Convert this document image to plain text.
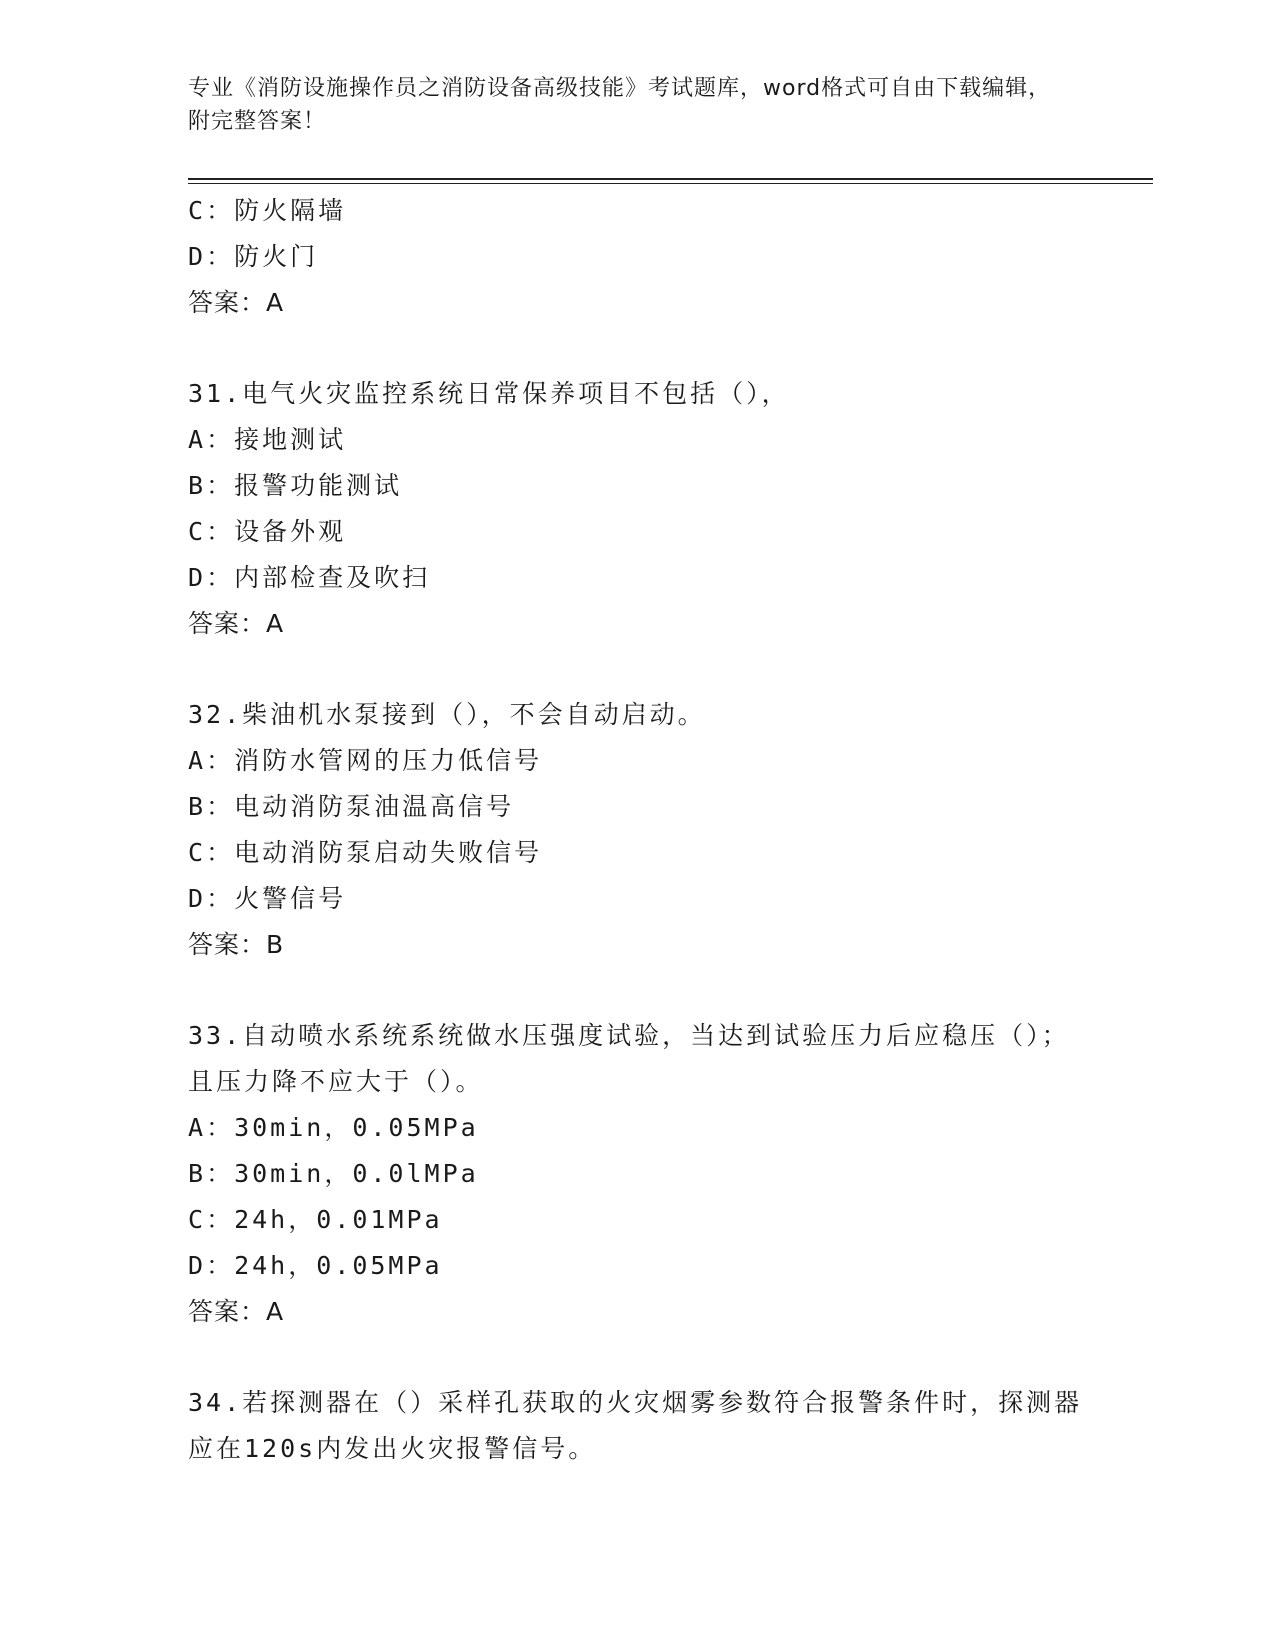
专业《消防设施操作员之消防设备高级技能》考试题库，word格式可自由下载编辑，附完整答案！
C：防火隔墙
D：防火门
答案：A
31.电气火灾监控系统日常保养项目不包括（），
A：接地测试
B：报警功能测试
C：设备外观
D：内部检查及吹扫
答案：A
32.柴油机水泵接到（），不会自动启动。
A：消防水管网的压力低信号
B：电动消防泵油温高信号
C：电动消防泵启动失败信号
D：火警信号
答案：B
33.自动喷水系统系统做水压强度试验，当达到试验压力后应稳压（）；且压力降不应大于（）。
A：30min，0.05MPa
B：30min，0.0lMPa
C：24h，0.01MPa
D：24h，0.05MPa
答案：A
34.若探测器在（）采样孔获取的火灾烟雾参数符合报警条件时，探测器应在120s内发出火灾报警信号。
